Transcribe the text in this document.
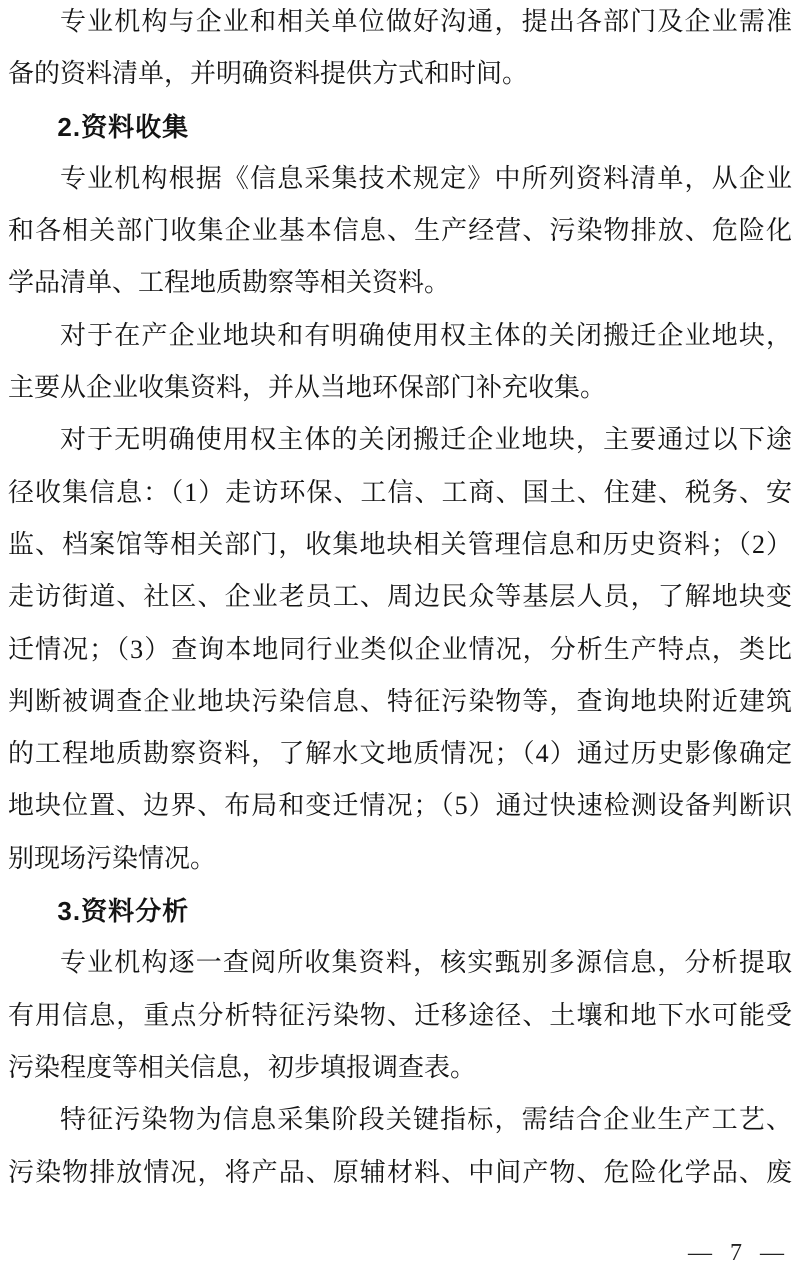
专业机构与企业和相关单位做好沟通，提出各部门及企业需准
备的资料清单，并明确资料提供方式和时间。
2.资料收集
专业机构根据《信息采集技术规定》中所列资料清单，从企业
和各相关部门收集企业基本信息、生产经营、污染物排放、危险化
学品清单、工程地质勘察等相关资料。
对于在产企业地块和有明确使用权主体的关闭搬迁企业地块，
主要从企业收集资料，并从当地环保部门补充收集。
对于无明确使用权主体的关闭搬迁企业地块，主要通过以下途
径收集信息：（1）走访环保、工信、工商、国土、住建、税务、安
监、档案馆等相关部门，收集地块相关管理信息和历史资料；（2）
走访街道、社区、企业老员工、周边民众等基层人员，了解地块变
迁情况；（3）查询本地同行业类似企业情况，分析生产特点，类比
判断被调查企业地块污染信息、特征污染物等，查询地块附近建筑
的工程地质勘察资料，了解水文地质情况；（4）通过历史影像确定
地块位置、边界、布局和变迁情况；（5）通过快速检测设备判断识
别现场污染情况。
3.资料分析
专业机构逐一查阅所收集资料，核实甄别多源信息，分析提取
有用信息，重点分析特征污染物、迁移途径、土壤和地下水可能受
污染程度等相关信息，初步填报调查表。
特征污染物为信息采集阶段关键指标，需结合企业生产工艺、
污染物排放情况，将产品、原辅材料、中间产物、危险化学品、废
— 7 —
